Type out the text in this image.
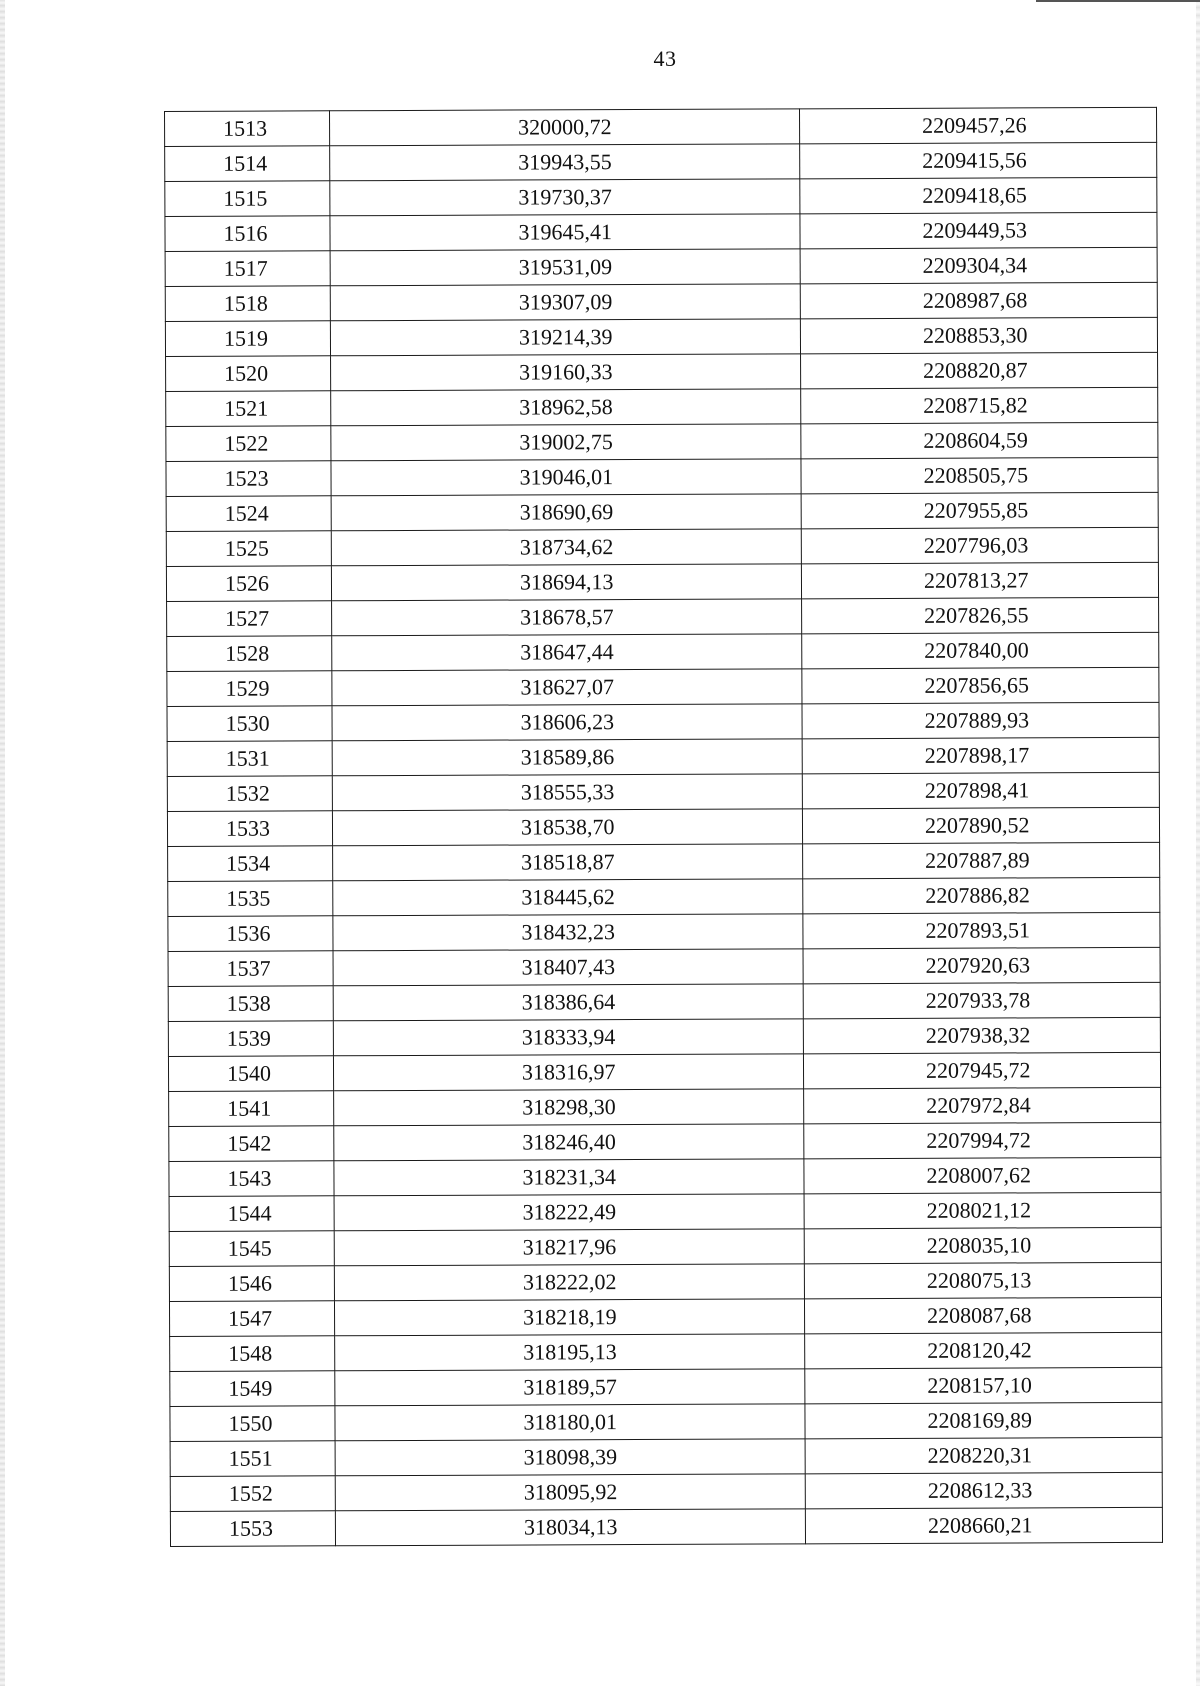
43
1513	320000,72	2209457,26
1514	319943,55	2209415,56
1515	319730,37	2209418,65
1516	319645,41	2209449,53
1517	319531,09	2209304,34
1518	319307,09	2208987,68
1519	319214,39	2208853,30
1520	319160,33	2208820,87
1521	318962,58	2208715,82
1522	319002,75	2208604,59
1523	319046,01	2208505,75
1524	318690,69	2207955,85
1525	318734,62	2207796,03
1526	318694,13	2207813,27
1527	318678,57	2207826,55
1528	318647,44	2207840,00
1529	318627,07	2207856,65
1530	318606,23	2207889,93
1531	318589,86	2207898,17
1532	318555,33	2207898,41
1533	318538,70	2207890,52
1534	318518,87	2207887,89
1535	318445,62	2207886,82
1536	318432,23	2207893,51
1537	318407,43	2207920,63
1538	318386,64	2207933,78
1539	318333,94	2207938,32
1540	318316,97	2207945,72
1541	318298,30	2207972,84
1542	318246,40	2207994,72
1543	318231,34	2208007,62
1544	318222,49	2208021,12
1545	318217,96	2208035,10
1546	318222,02	2208075,13
1547	318218,19	2208087,68
1548	318195,13	2208120,42
1549	318189,57	2208157,10
1550	318180,01	2208169,89
1551	318098,39	2208220,31
1552	318095,92	2208612,33
1553	318034,13	2208660,21
